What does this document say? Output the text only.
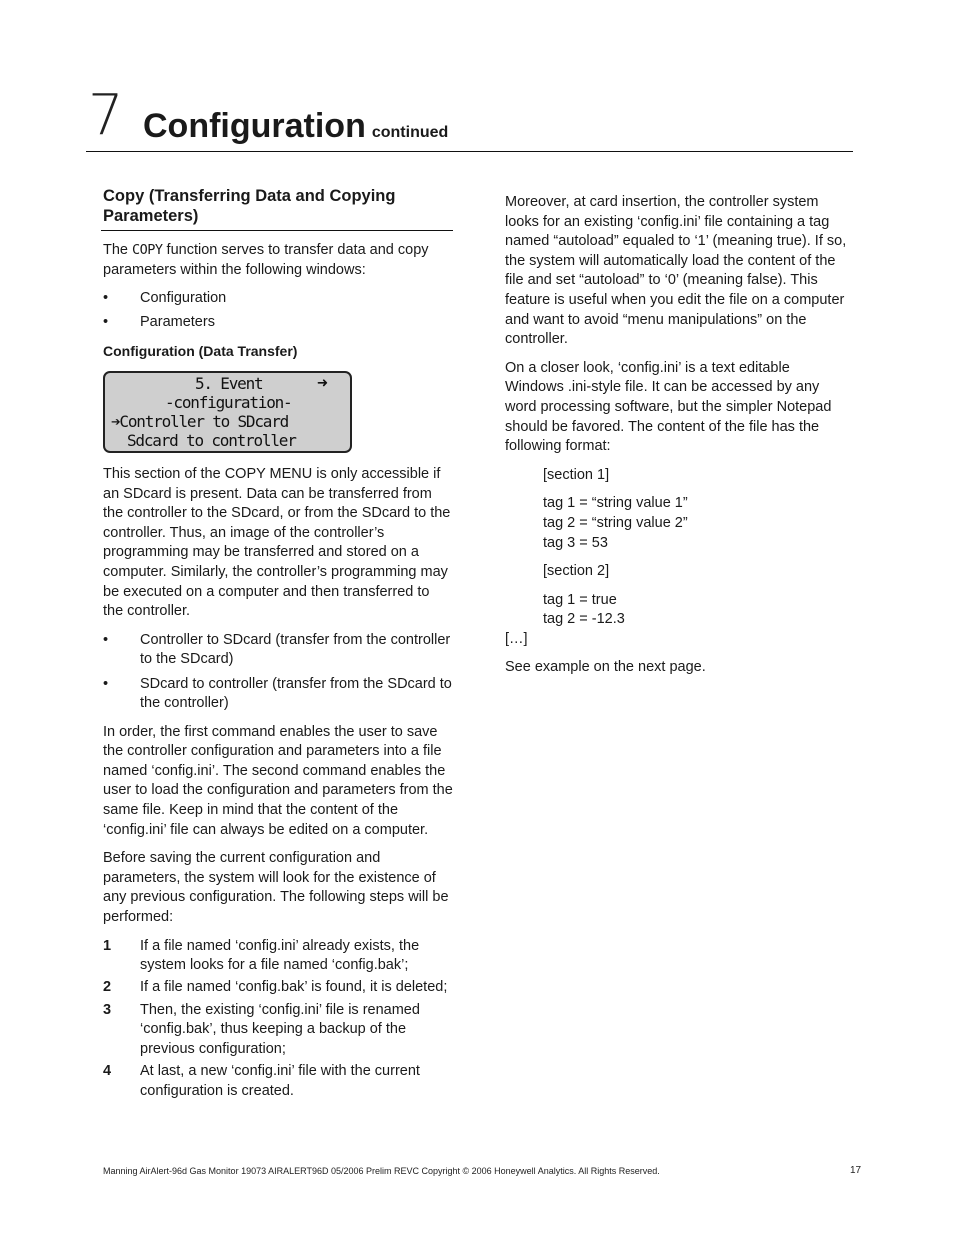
7 Configuration continued
Copy (Transferring Data and Copying Parameters)

The COPY function serves to transfer data and copy parameters within the following windows:

• Configuration
• Parameters
Configuration (Data Transfer)
5. Event	➜
-configuration-
➔Controller to SDcard
Sdcard to controller

This section of the COPY MENU is only accessible if an SDcard is present. Data can be transferred from the controller to the SDcard, or from the SDcard to the controller. Thus, an image of the controller’s programming may be transferred and stored on a computer. Similarly, the controller’s programming may be executed on a computer and then transferred to the controller.

• Controller to SDcard (transfer from the controller to the SDcard)
• SDcard to controller (transfer from the SDcard to the controller)

In order, the first command enables the user to save the controller configuration and parameters into a file named ‘config.ini’. The second command enables the user to load the configuration and parameters from the same file. Keep in mind that the content of the ‘config.ini’ file can always be edited on a computer.

Before saving the current configuration and parameters, the system will look for the existence of any previous configuration. The following steps will be performed:

1 If a file named ‘config.ini’ already exists, the system looks for a file named ‘config.bak’;
2 If a file named ‘config.bak’ is found, it is deleted;
3 Then, the existing ‘config.ini’ file is renamed ‘config.bak’, thus keeping a backup of the previous configuration;
4 At last, a new ‘config.ini’ file with the current configuration is created.

Moreover, at card insertion, the controller system looks for an existing ‘config.ini’ file containing a tag named “autoload” equaled to ‘1’ (meaning true). If so, the system will automatically load the content of the file and set “autoload” to ‘0’ (meaning false). This feature is useful when you edit the file on a computer and want to avoid “menu manipulations” on the controller.

On a closer look, ‘config.ini’ is a text editable Windows .ini-style file. It can be accessed by any word processing software, but the simpler Notepad should be favored. The content of the file has the following format:

[section 1]

tag 1 = “string value 1”
tag 2 = “string value 2”
tag 3 = 53

[section 2]

tag 1 = true
tag 2 = -12.3

[…]

See example on the next page.

Manning AirAlert-96d Gas Monitor 19073 AIRALERT96D 05/2006 Prelim REVC Copyright © 2006 Honeywell Analytics. All Rights Reserved.	17
